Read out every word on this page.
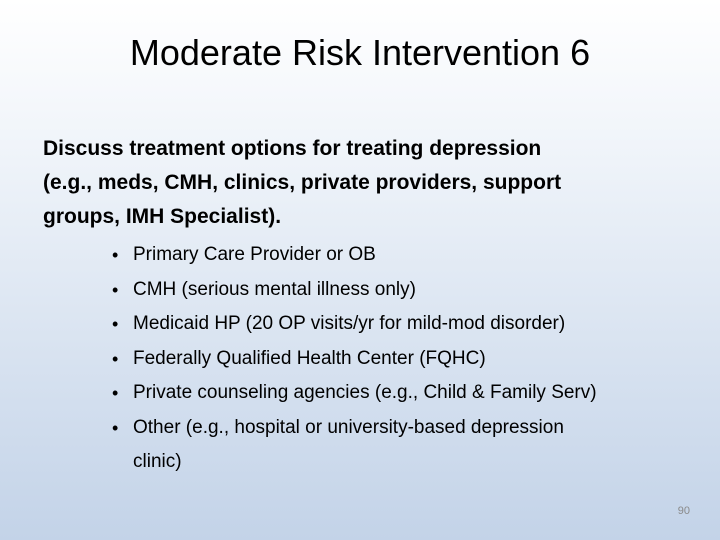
Moderate Risk Intervention 6
Discuss treatment options for treating depression
(e.g., meds, CMH, clinics, private providers, support
groups, IMH Specialist).
• Primary Care Provider or OB
• CMH (serious mental illness only)
• Medicaid HP (20 OP visits/yr for mild-mod disorder)
• Federally Qualified Health Center (FQHC)
• Private counseling agencies (e.g., Child & Family Serv)
• Other (e.g., hospital or university-based depression
clinic)
90
